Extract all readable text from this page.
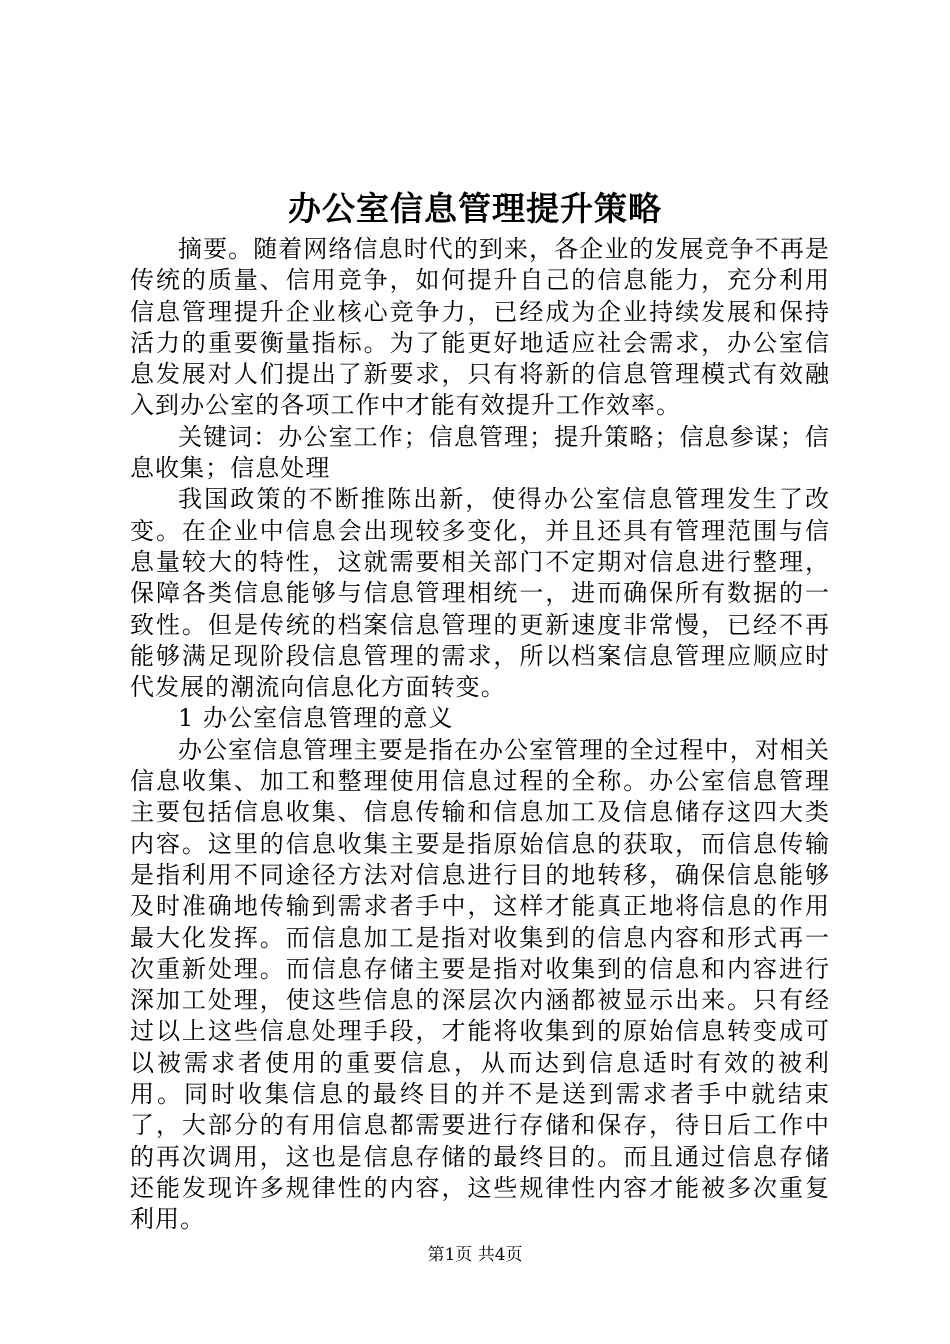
办公室信息管理提升策略

摘要。随着网络信息时代的到来，各企业的发展竞争不再是传统的质量、信用竞争，如何提升自己的信息能力，充分利用信息管理提升企业核心竞争力，已经成为企业持续发展和保持活力的重要衡量指标。为了能更好地适应社会需求，办公室信息发展对人们提出了新要求，只有将新的信息管理模式有效融入到办公室的各项工作中才能有效提升工作效率。

关键词：办公室工作；信息管理；提升策略；信息参谋；信息收集；信息处理

我国政策的不断推陈出新，使得办公室信息管理发生了改变。在企业中信息会出现较多变化，并且还具有管理范围与信息量较大的特性，这就需要相关部门不定期对信息进行整理，保障各类信息能够与信息管理相统一，进而确保所有数据的一致性。但是传统的档案信息管理的更新速度非常慢，已经不再能够满足现阶段信息管理的需求，所以档案信息管理应顺应时代发展的潮流向信息化方面转变。

1 办公室信息管理的意义

办公室信息管理主要是指在办公室管理的全过程中，对相关信息收集、加工和整理使用信息过程的全称。办公室信息管理主要包括信息收集、信息传输和信息加工及信息储存这四大类内容。这里的信息收集主要是指原始信息的获取，而信息传输是指利用不同途径方法对信息进行目的地转移，确保信息能够及时准确地传输到需求者手中，这样才能真正地将信息的作用最大化发挥。而信息加工是指对收集到的信息内容和形式再一次重新处理。而信息存储主要是指对收集到的信息和内容进行深加工处理，使这些信息的深层次内涵都被显示出来。只有经过以上这些信息处理手段，才能将收集到的原始信息转变成可以被需求者使用的重要信息，从而达到信息适时有效的被利用。同时收集信息的最终目的并不是送到需求者手中就结束了，大部分的有用信息都需要进行存储和保存，待日后工作中的再次调用，这也是信息存储的最终目的。而且通过信息存储还能发现许多规律性的内容，这些规律性内容才能被多次重复利用。

第1页 共4页
